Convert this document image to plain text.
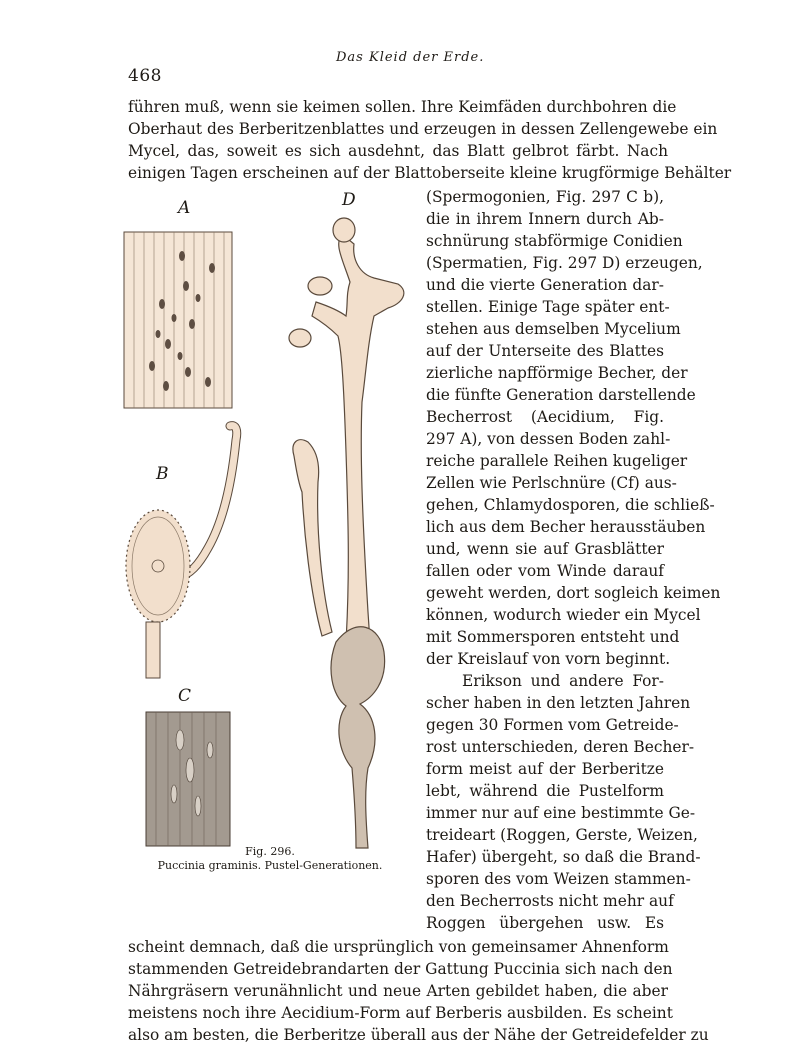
468
Das Kleid der Erde.
führen muß, wenn sie keimen sollen. Ihre Keimfäden durchbohren die
Oberhaut des Berberitzenblattes und erzeugen in dessen Zellengewebe ein
Mycel, das, soweit es sich ausdehnt, das Blatt gelbrot färbt. Nach
einigen Tagen erscheinen auf der Blattoberseite kleine krugförmige Behälter
(Spermogonien, Fig. 297 C b),
die in ihrem Innern durch Ab-
schnürung stabförmige Conidien
(Spermatien, Fig. 297 D) erzeugen,
und die vierte Generation dar-
stellen. Einige Tage später ent-
stehen aus demselben Mycelium
auf der Unterseite des Blattes
zierliche napfförmige Becher, der
die fünfte Generation darstellende
Becherrost (Aecidium, Fig.
297 A), von dessen Boden zahl-
reiche parallele Reihen kugeliger
Zellen wie Perlschnüre (Cf) aus-
gehen, Chlamydosporen, die schließ-
lich aus dem Becher herausstäuben
und, wenn sie auf Grasblätter
fallen oder vom Winde darauf
geweht werden, dort sogleich keimen
können, wodurch wieder ein Mycel
mit Sommersporen entsteht und
der Kreislauf von vorn beginnt.
Erikson und andere For-
scher haben in den letzten Jahren
gegen 30 Formen vom Getreide-
rost unterschieden, deren Becher-
form meist auf der Berberitze
lebt, während die Pustelform
immer nur auf eine bestimmte Ge-
treideart (Roggen, Gerste, Weizen,
Hafer) übergeht, so daß die Brand-
sporen des vom Weizen stammen-
den Becherrosts nicht mehr auf
Roggen übergehen usw. Es
scheint demnach, daß die ursprünglich von gemeinsamer Ahnenform
stammenden Getreidebrandarten der Gattung Puccinia sich nach den
Nährgräsern verunähnlicht und neue Arten gebildet haben, die aber
meistens noch ihre Aecidium-Form auf Berberis ausbilden. Es scheint
also am besten, die Berberitze überall aus der Nähe der Getreidefelder zu
A	D
B
C
Fig. 296.
Puccinia graminis. Pustel-Generationen.
